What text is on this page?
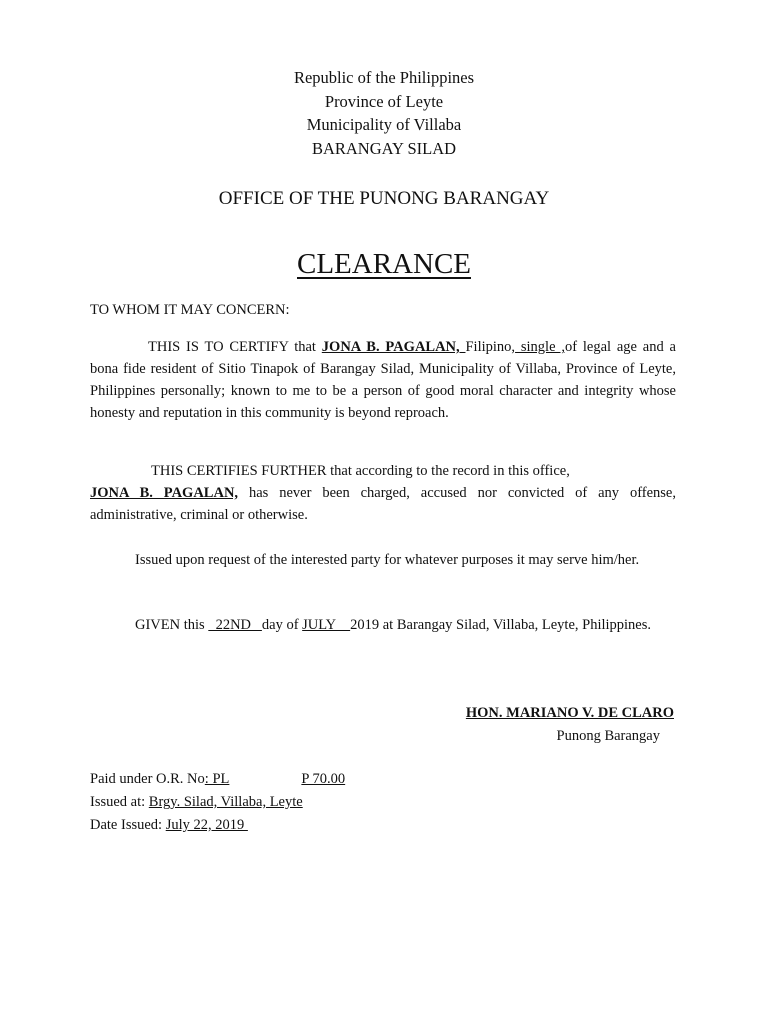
Republic of the Philippines
Province of Leyte
Municipality of Villaba
BARANGAY SILAD
OFFICE OF THE PUNONG BARANGAY
CLEARANCE
TO WHOM IT MAY CONCERN:
THIS IS TO CERTIFY that JONA B. PAGALAN, Filipino, single ,of legal age and a bona fide resident of Sitio Tinapok of Barangay Silad, Municipality of Villaba, Province of Leyte, Philippines personally; known to me to be a person of good moral character and integrity whose honesty and reputation in this community is beyond reproach.
THIS CERTIFIES FURTHER that according to the record in this office,
JONA B. PAGALAN, has never been charged, accused nor convicted of any offense, administrative, criminal or otherwise.
Issued upon request of the interested party for whatever purposes it may serve him/her.
GIVEN this   22ND   day of JULY    2019 at Barangay Silad, Villaba, Leyte, Philippines.
HON. MARIANO V. DE CLARO
Punong Barangay
Paid under O.R. No: PL	P 70.00
Issued at: Brgy. Silad, Villaba, Leyte
Date Issued: July 22, 2019
